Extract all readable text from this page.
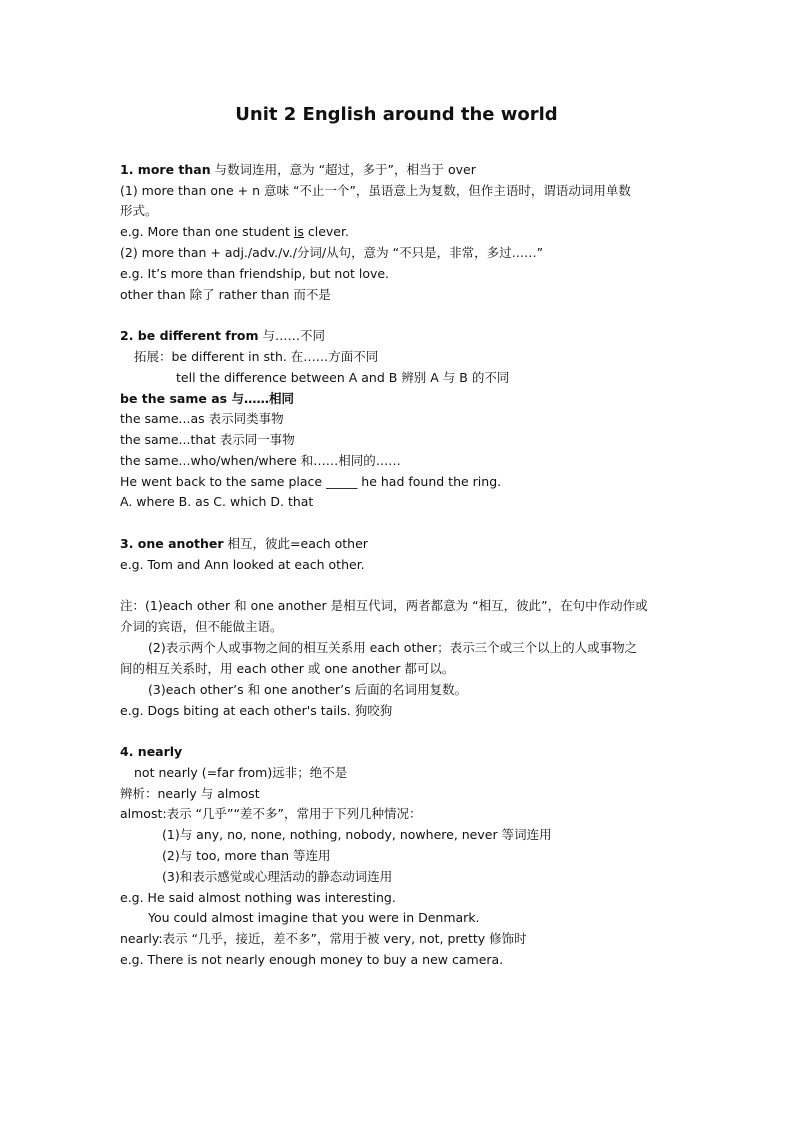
Unit 2 English around the world
1. more than 与数词连用，意为 “超过，多于”，相当于 over
(1) more than one + n 意味 “不止一个”，虽语意上为复数，但作主语时，谓语动词用单数
形式。
e.g. More than one student is clever.
(2) more than + adj./adv./v./分词/从句，意为 “不只是，非常，多过……”
e.g. It’s more than friendship, but not love.
other than 除了 rather than 而不是
2. be different from 与……不同
拓展：be different in sth. 在……方面不同
tell the difference between A and B 辨别 A 与 B 的不同
be the same as 与……相同
the same...as 表示同类事物
the same...that 表示同一事物
the same...who/when/where 和……相同的……
He went back to the same place _____ he had found the ring.
A. where B. as C. which D. that
3. one another 相互，彼此=each other
e.g. Tom and Ann looked at each other.
注：(1)each other 和 one another 是相互代词，两者都意为 “相互，彼此”，在句中作动作或
介词的宾语，但不能做主语。
(2)表示两个人或事物之间的相互关系用 each other；表示三个或三个以上的人或事物之
间的相互关系时，用 each other 或 one another 都可以。
(3)each other’s 和 one another’s 后面的名词用复数。
e.g. Dogs biting at each other's tails. 狗咬狗
4. nearly
not nearly (=far from)远非；绝不是
辨析：nearly 与 almost
almost:表示 “几乎”“差不多”，常用于下列几种情况：
(1)与 any, no, none, nothing, nobody, nowhere, never 等词连用
(2)与 too, more than 等连用
(3)和表示感觉或心理活动的静态动词连用
e.g. He said almost nothing was interesting.
You could almost imagine that you were in Denmark.
nearly:表示 “几乎，接近，差不多”，常用于被 very, not, pretty 修饰时
e.g. There is not nearly enough money to buy a new camera.
